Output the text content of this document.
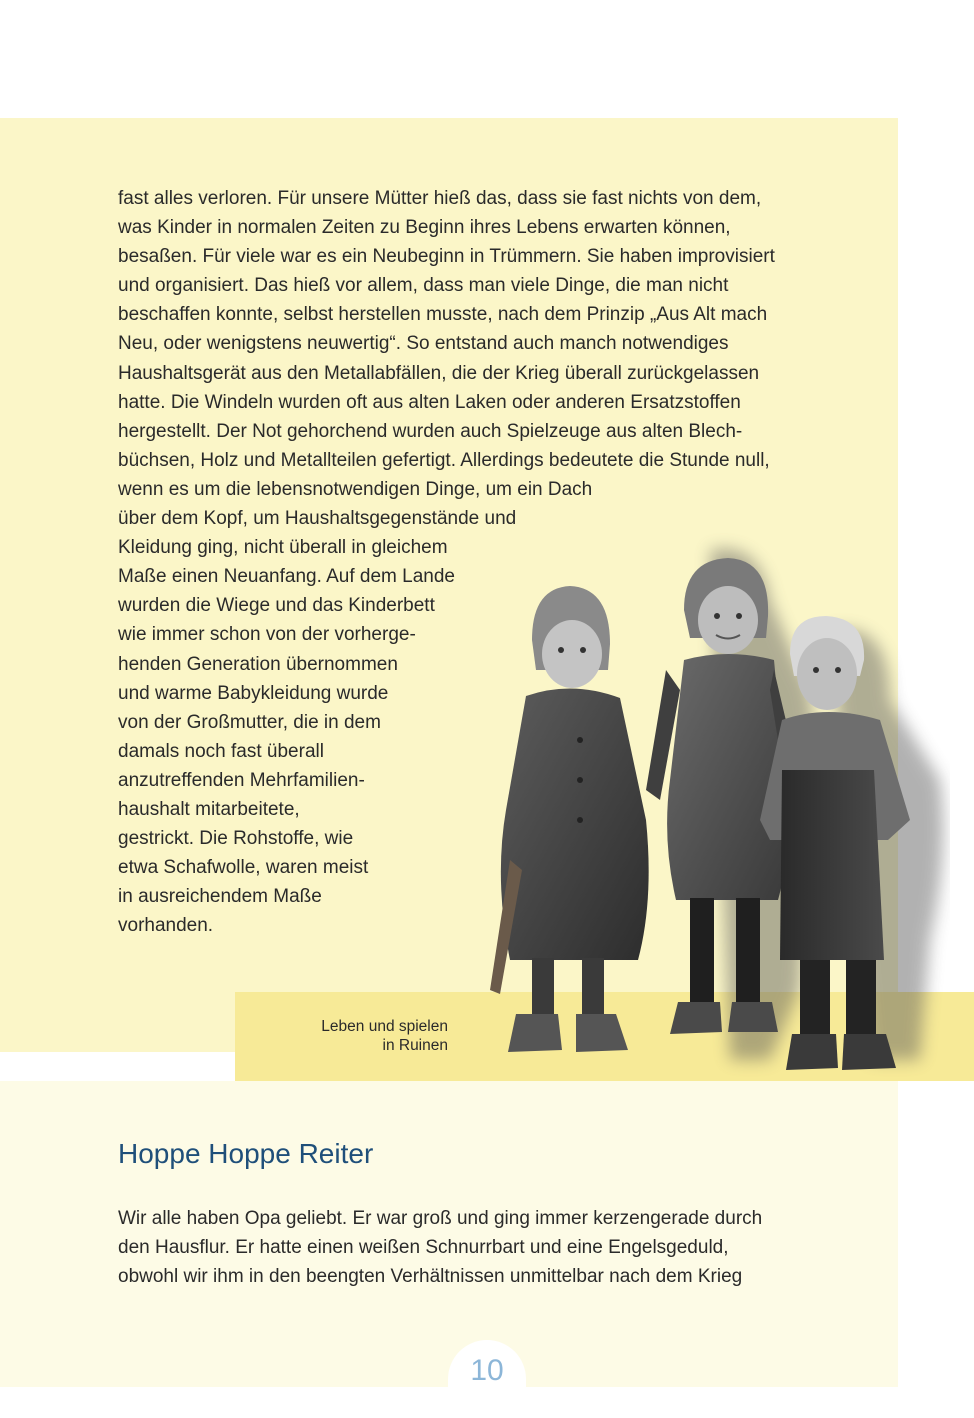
fast alles verloren. Für unsere Mütter hieß das, dass sie fast nichts von dem,
was Kinder in normalen Zeiten zu Beginn ihres Lebens erwarten können,
besaßen. Für viele war es ein Neubeginn in Trümmern. Sie haben improvisiert
und organisiert. Das hieß vor allem, dass man viele Dinge, die man nicht
beschaffen konnte, selbst herstellen musste, nach dem Prinzip „Aus Alt mach
Neu, oder wenigstens neuwertig“. So entstand auch manch notwendiges
Haushaltsgerät aus den Metallabfällen, die der Krieg überall zurückgelassen
hatte. Die Windeln wurden oft aus alten Laken oder anderen Ersatzstoffen
hergestellt. Der Not gehorchend wurden auch Spielzeuge aus alten Blech-
büchsen, Holz und Metallteilen gefertigt. Allerdings bedeutete die Stunde null,
wenn es um die lebensnotwendigen Dinge, um ein Dach
über dem Kopf, um Haushaltsgegenstände und
Kleidung ging, nicht überall in gleichem
Maße einen Neuanfang. Auf dem Lande
wurden die Wiege und das Kinderbett
wie immer schon von der vorherge-
henden Generation übernommen
und warme Babykleidung wurde
von der Großmutter, die in dem
damals noch fast überall
anzutreffenden Mehrfamilien-
haushalt mitarbeitete,
gestrickt. Die Rohstoffe, wie
etwa Schafwolle, waren meist
in ausreichendem Maße
vorhanden.
Leben und spielen
in Ruinen
Hoppe Hoppe Reiter
Wir alle haben Opa geliebt. Er war groß und ging immer kerzengerade durch
den Hausflur. Er hatte einen weißen Schnurrbart und eine Engelsgeduld,
obwohl wir ihm in den beengten Verhältnissen unmittelbar nach dem Krieg
10
